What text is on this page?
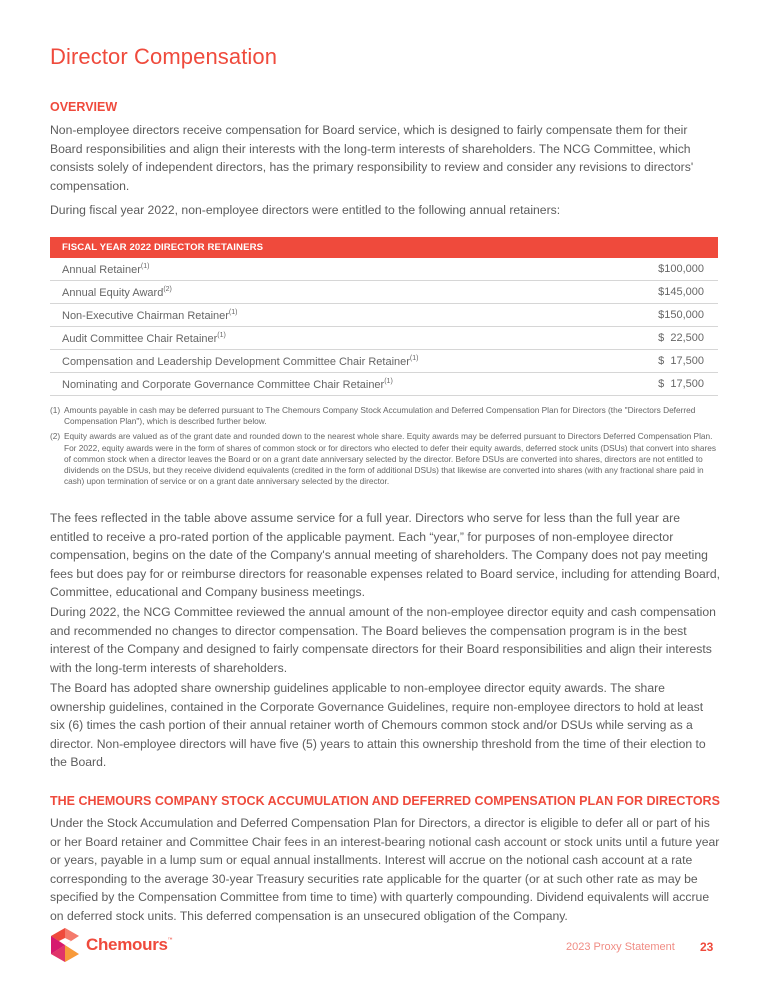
Director Compensation
OVERVIEW

Non-employee directors receive compensation for Board service, which is designed to fairly compensate them for their Board responsibilities and align their interests with the long-term interests of shareholders. The NCG Committee, which consists solely of independent directors, has the primary responsibility to review and consider any revisions to directors' compensation.

During fiscal year 2022, non-employee directors were entitled to the following annual retainers:

FISCAL YEAR 2022 DIRECTOR RETAINERS
Annual Retainer$^{(1)}$	$100,000
Annual Equity Award$^{(2)}$	$145,000
Non-Executive Chairman Retainer$^{(1)}$	$150,000
Audit Committee Chair Retainer$^{(1)}$	$  22,500
Compensation and Leadership Development Committee Chair Retainer$^{(1)}$	$  17,500
Nominating and Corporate Governance Committee Chair Retainer$^{(1)}$	$  17,500
(1) Amounts payable in cash may be deferred pursuant to The Chemours Company Stock Accumulation and Deferred Compensation Plan for Directors (the "Directors Deferred Compensation Plan"), which is described further below.
(2) Equity awards are valued as of the grant date and rounded down to the nearest whole share. Equity awards may be deferred pursuant to Directors Deferred Compensation Plan. For 2022, equity awards were in the form of shares of common stock or for directors who elected to defer their equity awards, deferred stock units (DSUs) that convert into shares of common stock when a director leaves the Board or on a grant date anniversary selected by the director. Before DSUs are converted into shares, directors are not entitled to dividends on the DSUs, but they receive dividend equivalents (credited in the form of additional DSUs) that likewise are converted into shares (with any fractional share paid in cash) upon termination of service or on a grant date anniversary selected by the director.

The fees reflected in the table above assume service for a full year. Directors who serve for less than the full year are entitled to receive a pro-rated portion of the applicable payment. Each “year,” for purposes of non-employee director compensation, begins on the date of the Company's annual meeting of shareholders. The Company does not pay meeting fees but does pay for or reimburse directors for reasonable expenses related to Board service, including for attending Board, Committee, educational and Company business meetings.

During 2022, the NCG Committee reviewed the annual amount of the non-employee director equity and cash compensation and recommended no changes to director compensation. The Board believes the compensation program is in the best interest of the Company and designed to fairly compensate directors for their Board responsibilities and align their interests with the long-term interests of shareholders.

The Board has adopted share ownership guidelines applicable to non-employee director equity awards. The share ownership guidelines, contained in the Corporate Governance Guidelines, require non-employee directors to hold at least six (6) times the cash portion of their annual retainer worth of Chemours common stock and/or DSUs while serving as a director. Non-employee directors will have five (5) years to attain this ownership threshold from the time of their election to the Board.

THE CHEMOURS COMPANY STOCK ACCUMULATION AND DEFERRED COMPENSATION PLAN FOR DIRECTORS

Under the Stock Accumulation and Deferred Compensation Plan for Directors, a director is eligible to defer all or part of his or her Board retainer and Committee Chair fees in an interest-bearing notional cash account or stock units until a future year or years, payable in a lump sum or equal annual installments. Interest will accrue on the notional cash account at a rate corresponding to the average 30-year Treasury securities rate applicable for the quarter (or at such other rate as may be specified by the Compensation Committee from time to time) with quarterly compounding. Dividend equivalents will accrue on deferred stock units. This deferred compensation is an unsecured obligation of the Company.

Chemours™
2023 Proxy Statement 23
